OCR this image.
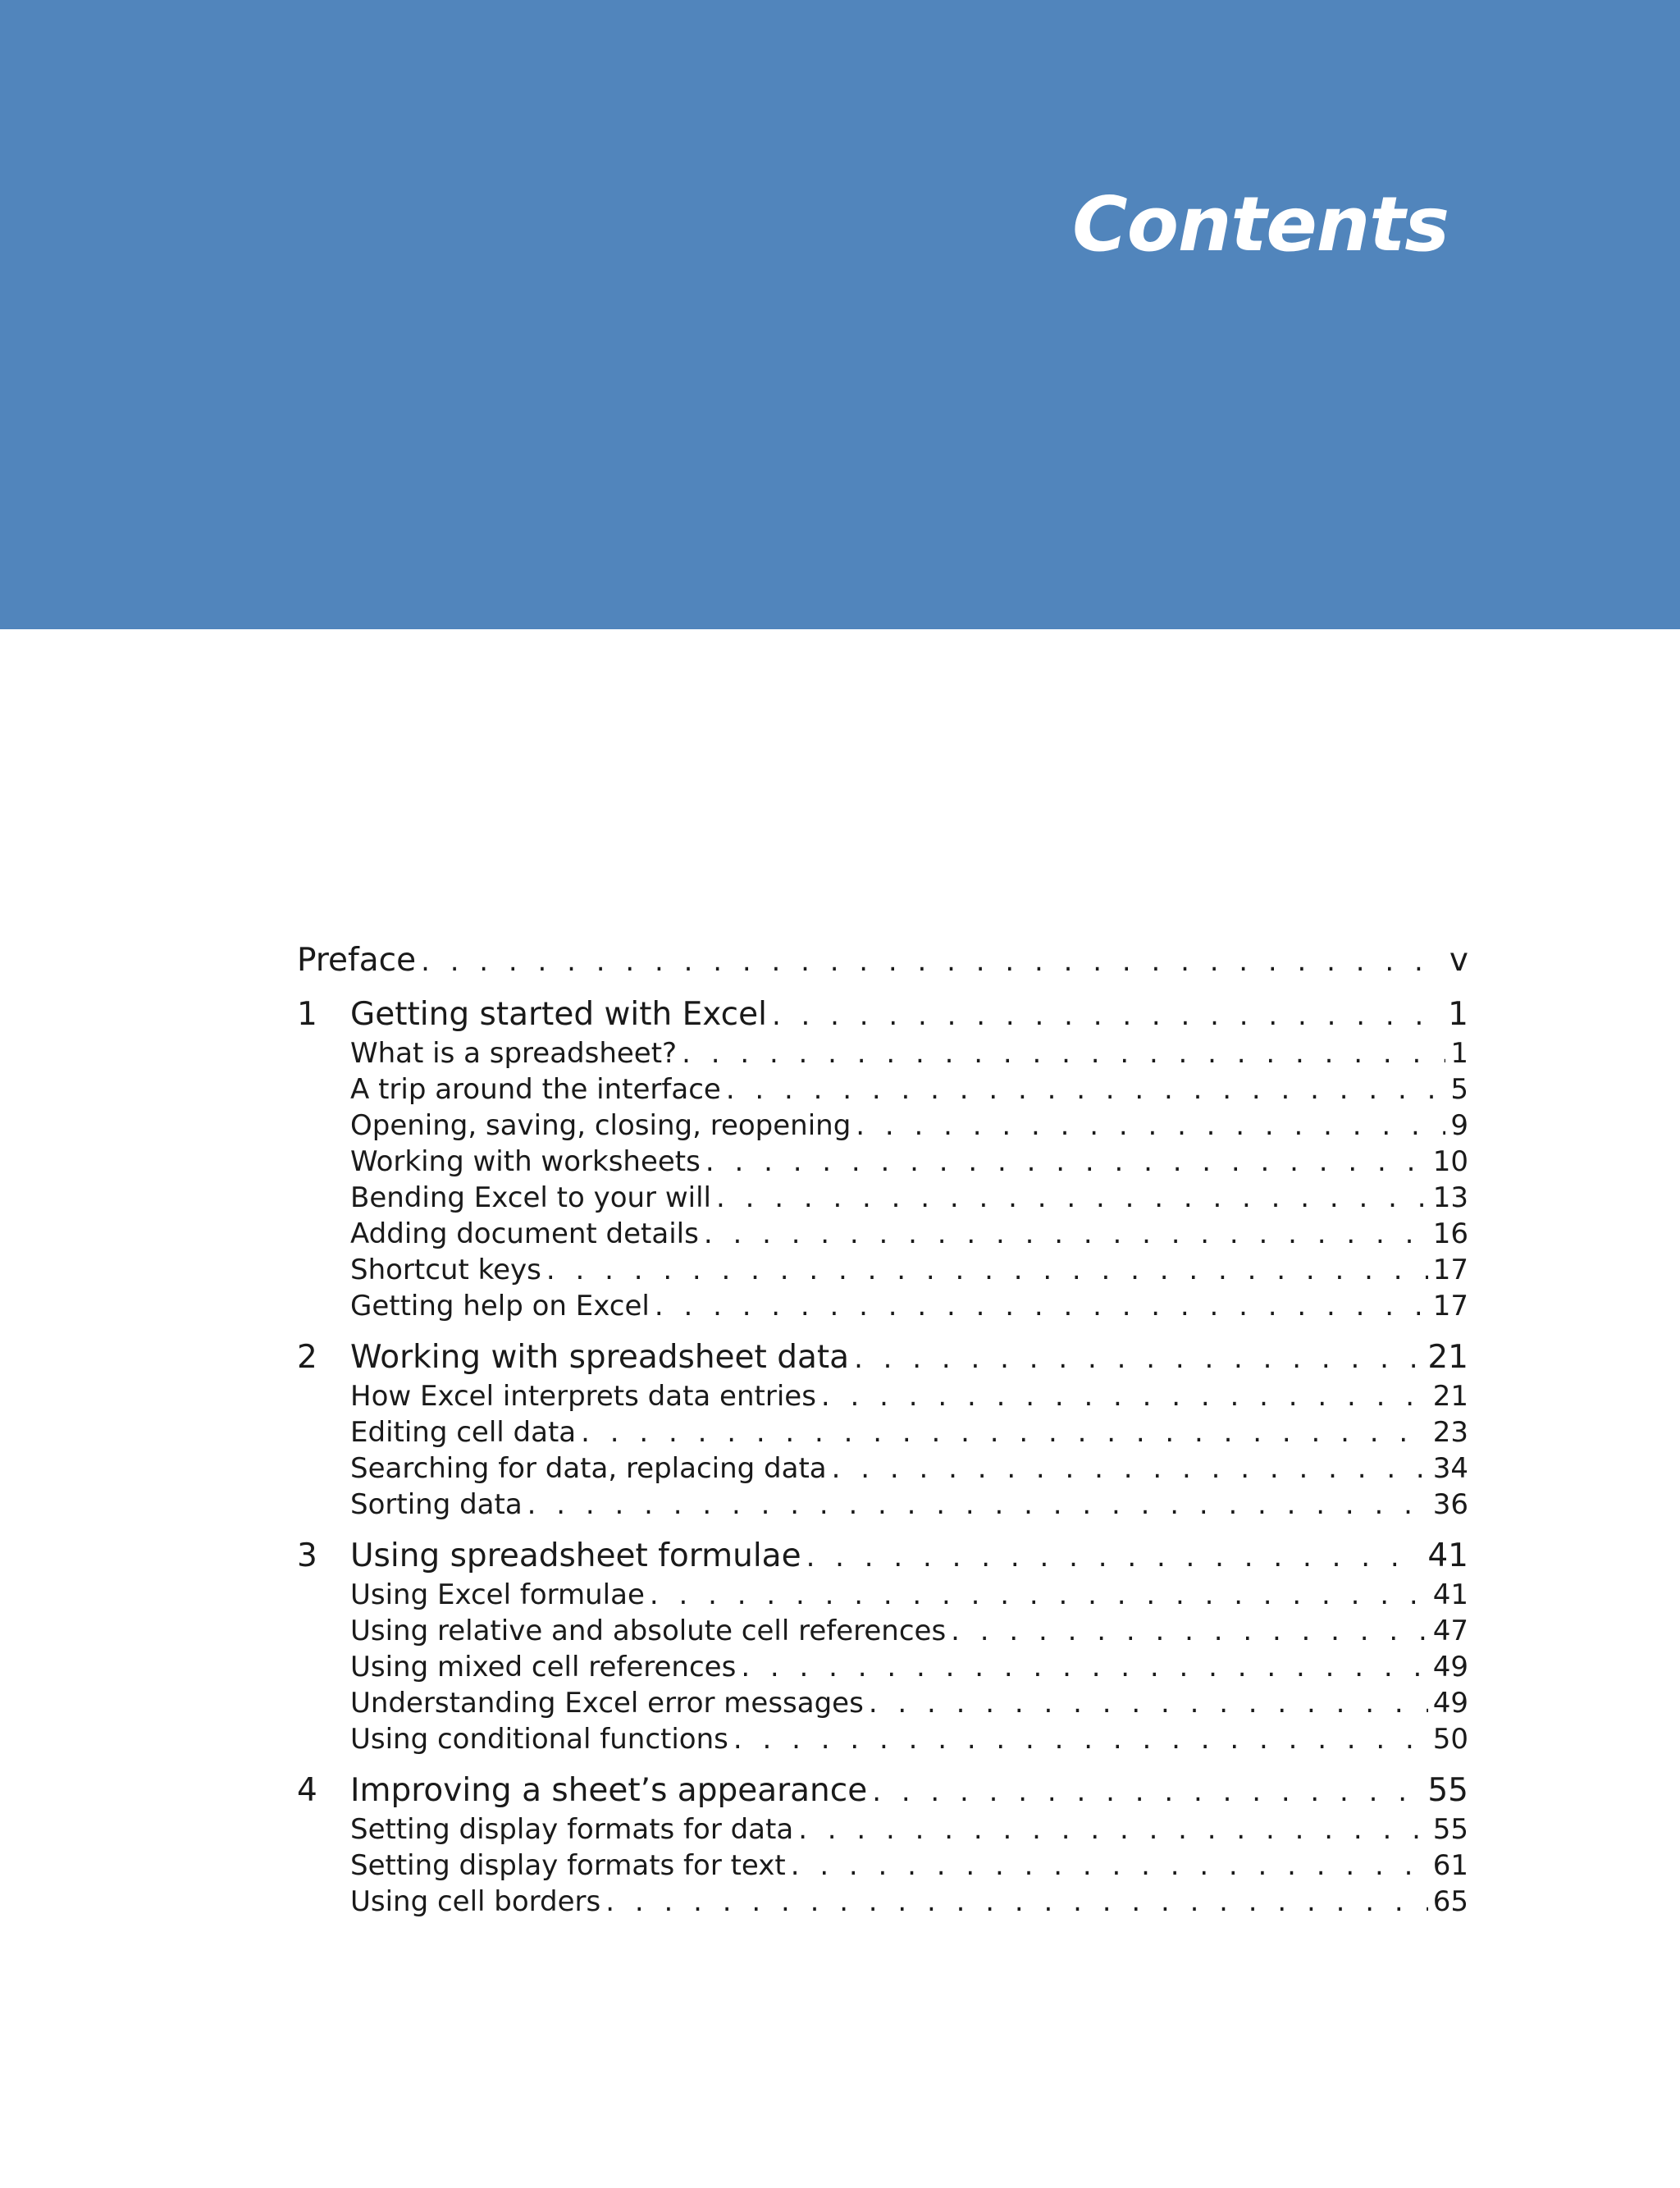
Contents
Preface . . .	v
1	Getting started with Excel . . .	1
What is a spreadsheet? . . .	1
A trip around the interface . . .	5
Opening, saving, closing, reopening . . .	9
Working with worksheets . . .	10
Bending Excel to your will . . .	13
Adding document details . . .	16
Shortcut keys . . .	17
Getting help on Excel . . .	17
2	Working with spreadsheet data . . .	21
How Excel interprets data entries . . .	21
Editing cell data . . .	23
Searching for data, replacing data . . .	34
Sorting data . . .	36
3	Using spreadsheet formulae . . .	41
Using Excel formulae . . .	41
Using relative and absolute cell references . . .	47
Using mixed cell references . . .	49
Understanding Excel error messages . . .	49
Using conditional functions . . .	50
4	Improving a sheet’s appearance . . .	55
Setting display formats for data . . .	55
Setting display formats for text . . .	61
Using cell borders . . .	65
